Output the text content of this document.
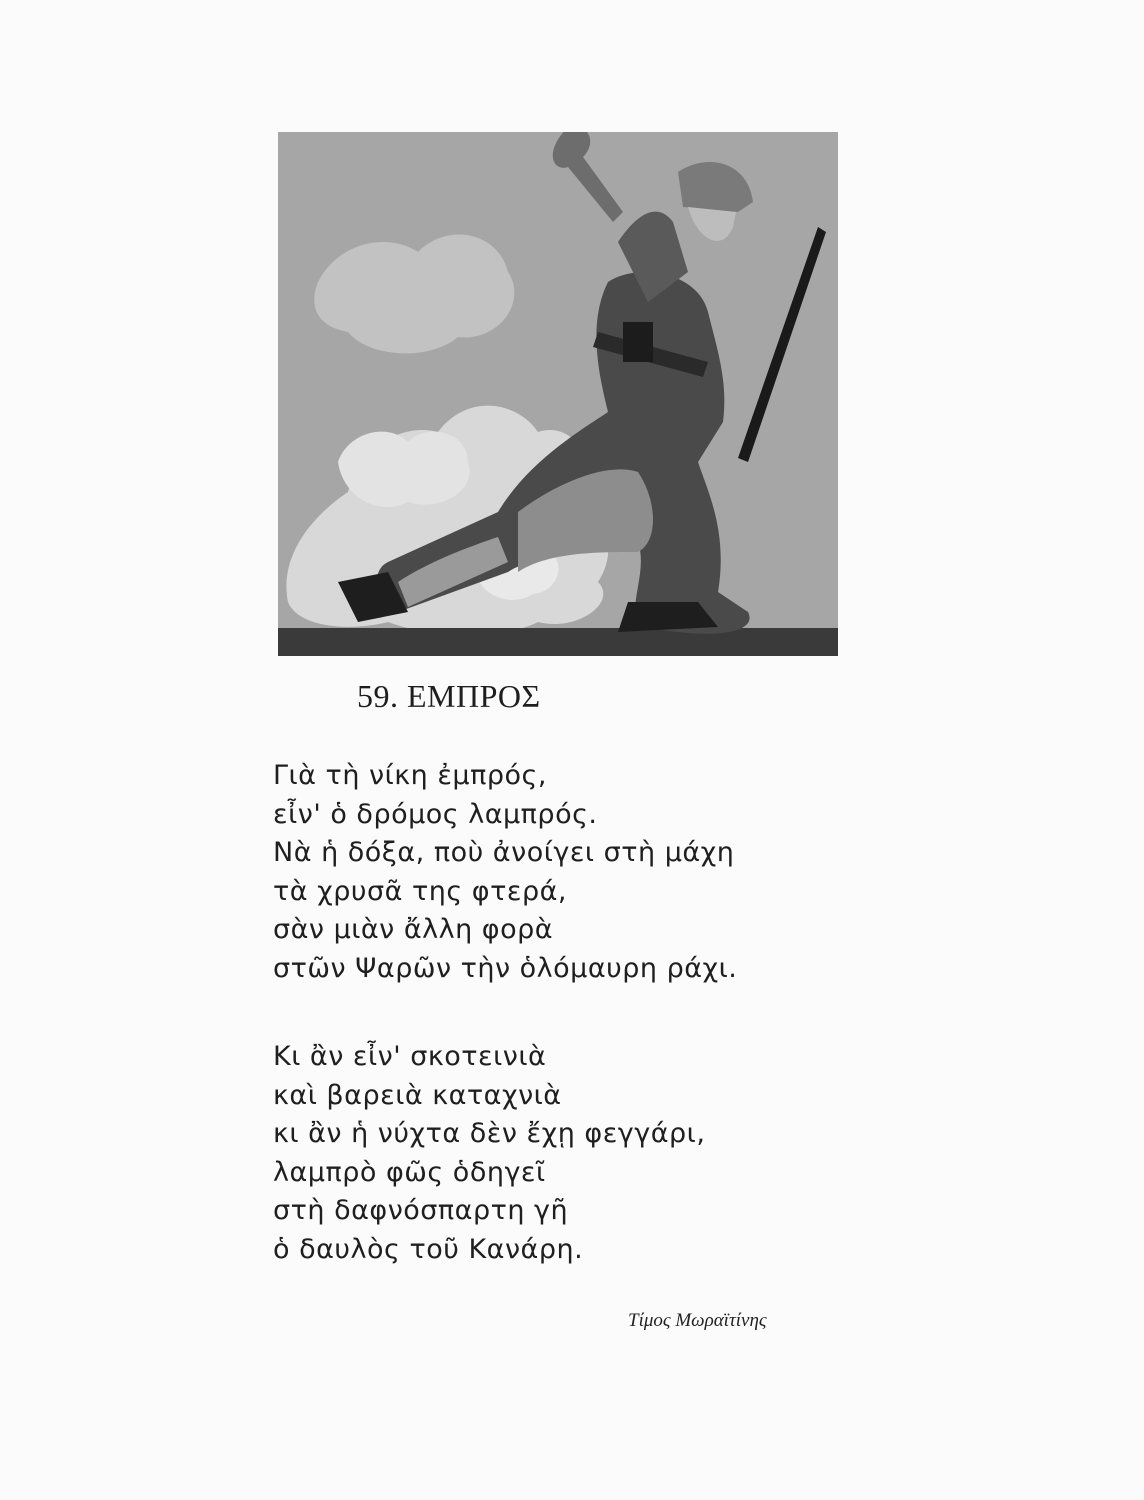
59. ΕΜΠΡΟΣ
Γιὰ τὴ νίκη ἐμπρός,
εἶν' ὁ δρόμος λαμπρός.
Νὰ ἡ δόξα, ποὺ ἀνοίγει στὴ μάχη
τὰ χρυσᾶ της φτερά,
σὰν μιὰν ἄλλη φορὰ
στῶν Ψαρῶν τὴν ὁλόμαυρη ράχι.
Κι ἂν εἶν' σκοτεινιὰ
καὶ βαρειὰ καταχνιὰ
κι ἂν ἡ νύχτα δὲν ἔχῃ φεγγάρι,
λαμπρὸ φῶς ὁδηγεῖ
στὴ δαφνόσπαρτη γῆ
ὁ δαυλὸς τοῦ Κανάρη.
Τίμος Μωραϊτίνης
